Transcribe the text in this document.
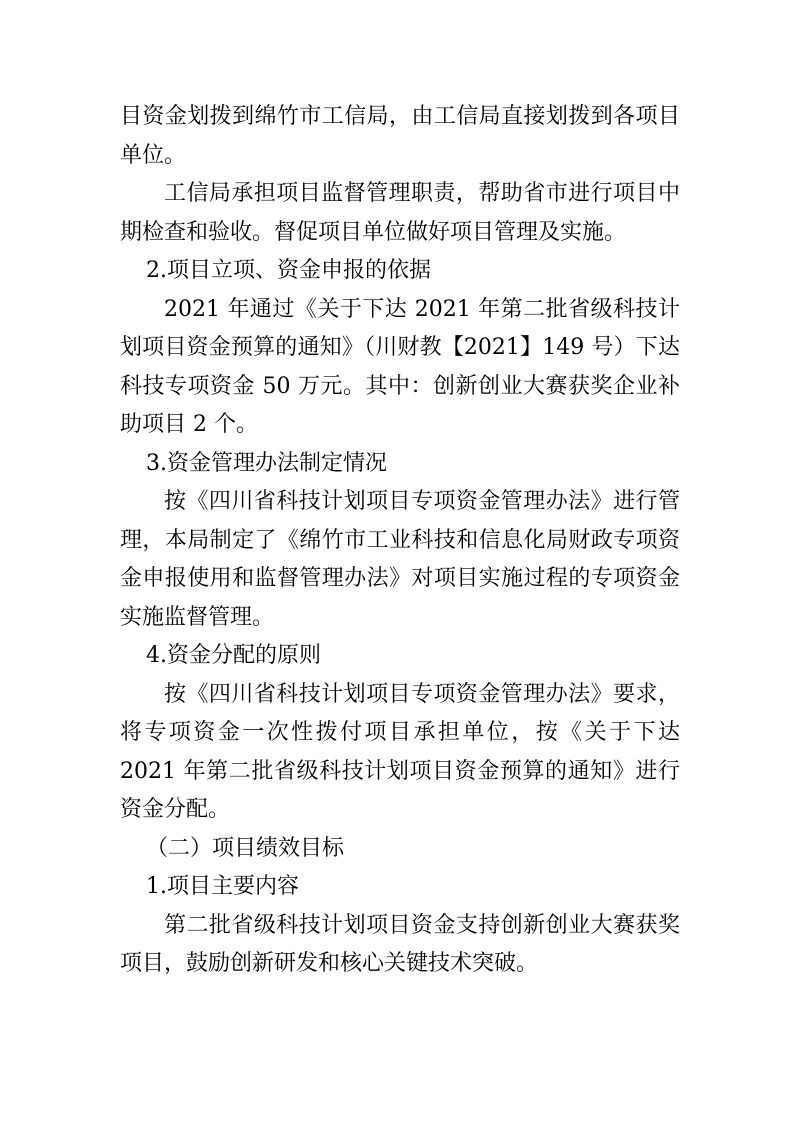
目资金划拨到绵竹市工信局，由工信局直接划拨到各项目单位。

工信局承担项目监督管理职责，帮助省市进行项目中期检查和验收。督促项目单位做好项目管理及实施。

2.项目立项、资金申报的依据

2021 年通过《关于下达 2021 年第二批省级科技计划项目资金预算的通知》（川财教【2021】149 号）下达科技专项资金 50 万元。其中：创新创业大赛获奖企业补助项目 2 个。

3.资金管理办法制定情况

按《四川省科技计划项目专项资金管理办法》进行管理，本局制定了《绵竹市工业科技和信息化局财政专项资金申报使用和监督管理办法》对项目实施过程的专项资金实施监督管理。

4.资金分配的原则

按《四川省科技计划项目专项资金管理办法》要求，将专项资金一次性拨付项目承担单位，按《关于下达 2021 年第二批省级科技计划项目资金预算的通知》进行资金分配。

（二）项目绩效目标

1.项目主要内容

第二批省级科技计划项目资金支持创新创业大赛获奖项目，鼓励创新研发和核心关键技术突破。
